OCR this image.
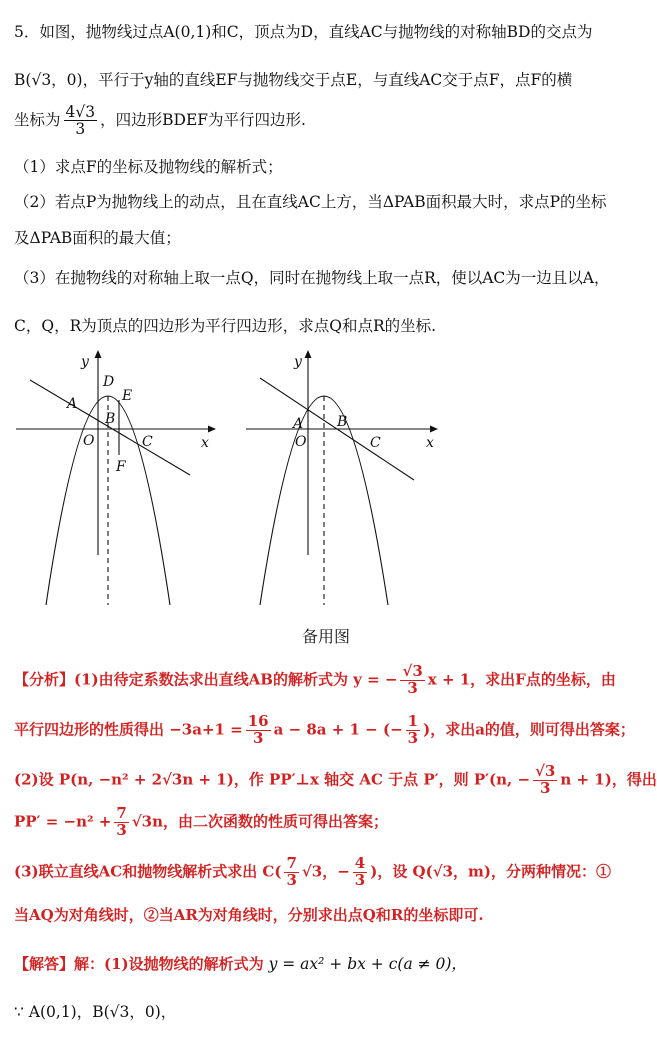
5．如图，抛物线过点A(0,1)和C，顶点为D，直线AC与抛物线的对称轴BD的交点为
B(√3，0)，平行于y轴的直线EF与抛物线交于点E，与直线AC交于点F，点F的横
坐标为 $\frac{4√3}{3}$ ，四边形BDEF为平行四边形.
（1）求点F的坐标及抛物线的解析式；
（2）若点P为抛物线上的动点，且在直线AC上方，当ΔPAB面积最大时，求点P的坐标
及ΔPAB面积的最大值；
（3）在抛物线的对称轴上取一点Q，同时在抛物线上取一点R，使以AC为一边且以A，
C，Q，R为顶点的四边形为平行四边形，求点Q和点R的坐标.
y
x
A
O
B
C
D
E
F
y
x
A
O
B
C
备用图
【分析】(1)由待定系数法求出直线AB的解析式为 y = − $\frac{√3}{3}$ x + 1，求出F点的坐标，由
平行四边形的性质得出 $-3a+1 = \frac{16}{3}$ a − 8a + 1 − (− $\frac{1}{3}$ )，求出a的值，则可得出答案；
(2)设 P(n, −n² + 2√3n + 1)，作 PP′⊥x 轴交 AC 于点 P′，则 P′(n, − $\frac{√3}{3}$ n + 1)，得出
$PP' = -n^2 + \frac{7}{3} √3n$，由二次函数的性质可得出答案；
(3)联立直线AC和抛物线解析式求出 $C( \frac{7}{3} √3$，− $\frac{4}{3}$ )，设 Q(√3，m)，分两种情况：①
当AQ为对角线时，②当AR为对角线时，分别求出点Q和R的坐标即可.
【解答】解：(1)设抛物线的解析式为 y = ax² + bx + c(a ≠ 0)，
∵ A(0,1)，B(√3，0)，
